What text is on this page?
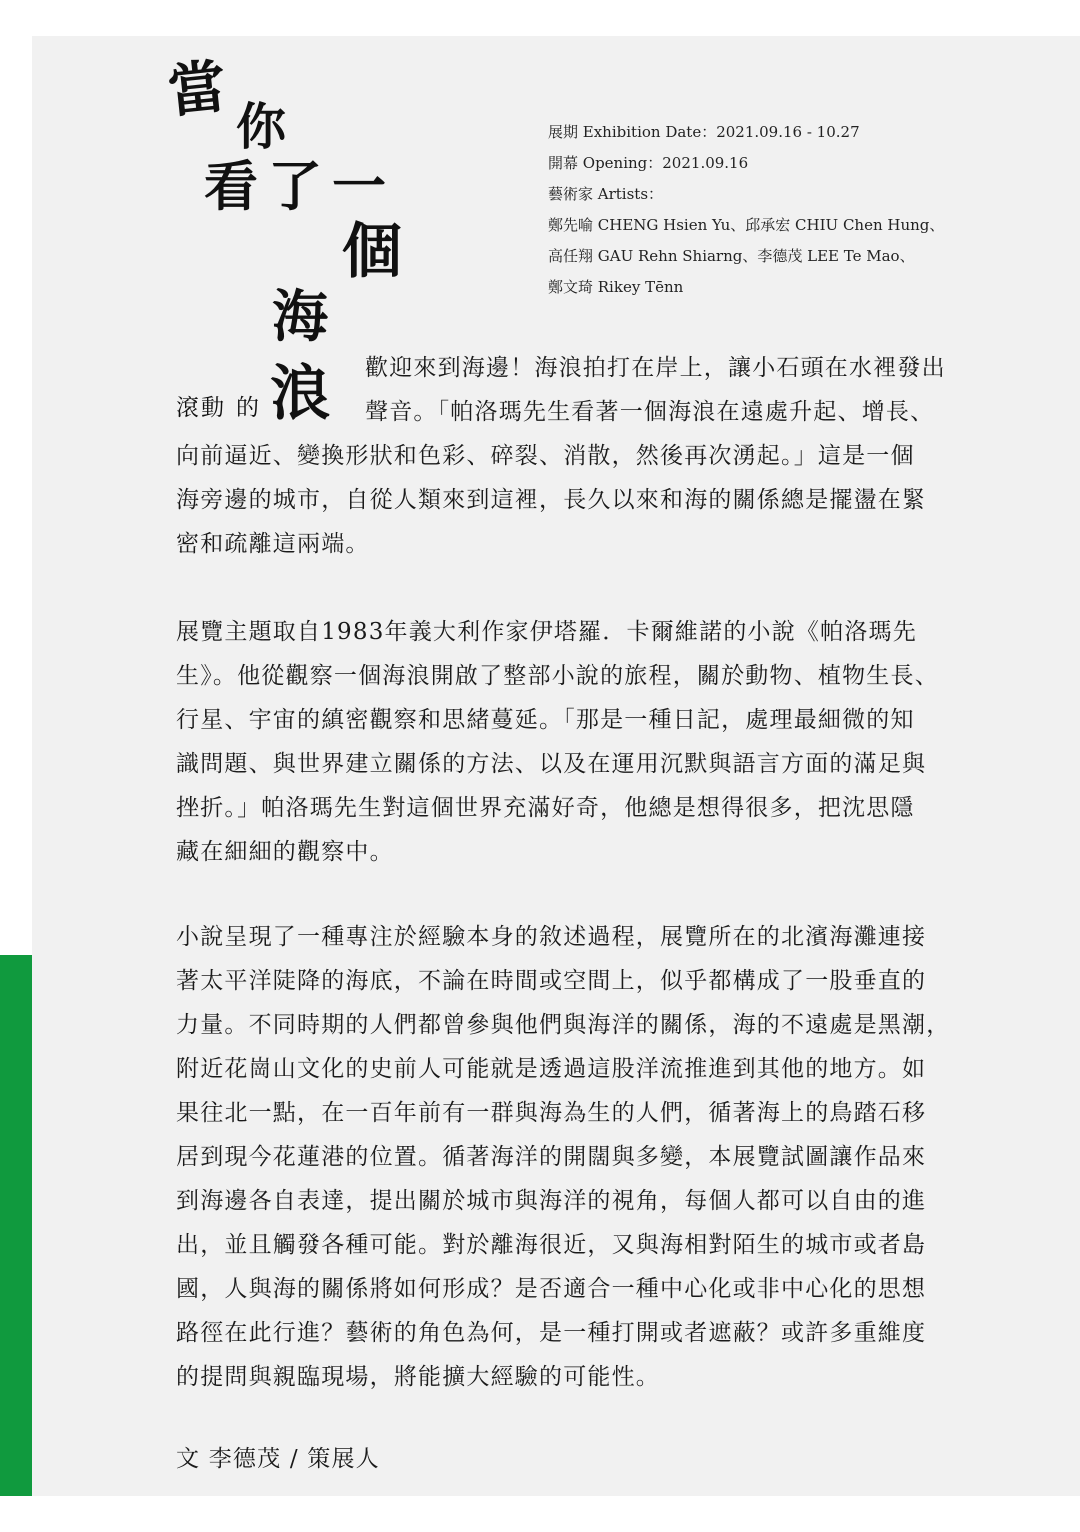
當
你
看 了 一
個
海
浪
滾 動 的
展期 Exhibition Date：2021.09.16 - 10.27
開幕 Opening：2021.09.16
藝術家 Artists：
鄭先喻 CHENG Hsien Yu、邱承宏 CHIU Chen Hung、
高任翔 GAU Rehn Shiarng、李德茂 LEE Te Mao、
鄭文琦 Rikey Tēnn
歡迎來到海邊！海浪拍打在岸上，讓小石頭在水裡發出
聲音。「帕洛瑪先生看著一個海浪在遠處升起、增長、
向前逼近、變換形狀和色彩、碎裂、消散，然後再次湧起。」這是一個
海旁邊的城市，自從人類來到這裡，長久以來和海的關係總是擺盪在緊
密和疏離這兩端。
展覽主題取自1983年義大利作家伊塔羅．卡爾維諾的小說《帕洛瑪先
生》。他從觀察一個海浪開啟了整部小說的旅程，關於動物、植物生長、
行星、宇宙的縝密觀察和思緒蔓延。「那是一種日記，處理最細微的知
識問題、與世界建立關係的方法、以及在運用沉默與語言方面的滿足與
挫折。」帕洛瑪先生對這個世界充滿好奇，他總是想得很多，把沈思隱
藏在細細的觀察中。
小說呈現了一種專注於經驗本身的敘述過程，展覽所在的北濱海灘連接
著太平洋陡降的海底，不論在時間或空間上，似乎都構成了一股垂直的
力量。不同時期的人們都曾參與他們與海洋的關係，海的不遠處是黑潮，
附近花崗山文化的史前人可能就是透過這股洋流推進到其他的地方。如
果往北一點，在一百年前有一群與海為生的人們，循著海上的鳥踏石移
居到現今花蓮港的位置。循著海洋的開闊與多變，本展覽試圖讓作品來
到海邊各自表達，提出關於城市與海洋的視角，每個人都可以自由的進
出，並且觸發各種可能。對於離海很近，又與海相對陌生的城市或者島
國，人與海的關係將如何形成？是否適合一種中心化或非中心化的思想
路徑在此行進？藝術的角色為何，是一種打開或者遮蔽？或許多重維度
的提問與親臨現場，將能擴大經驗的可能性。
文 李德茂 / 策展人
